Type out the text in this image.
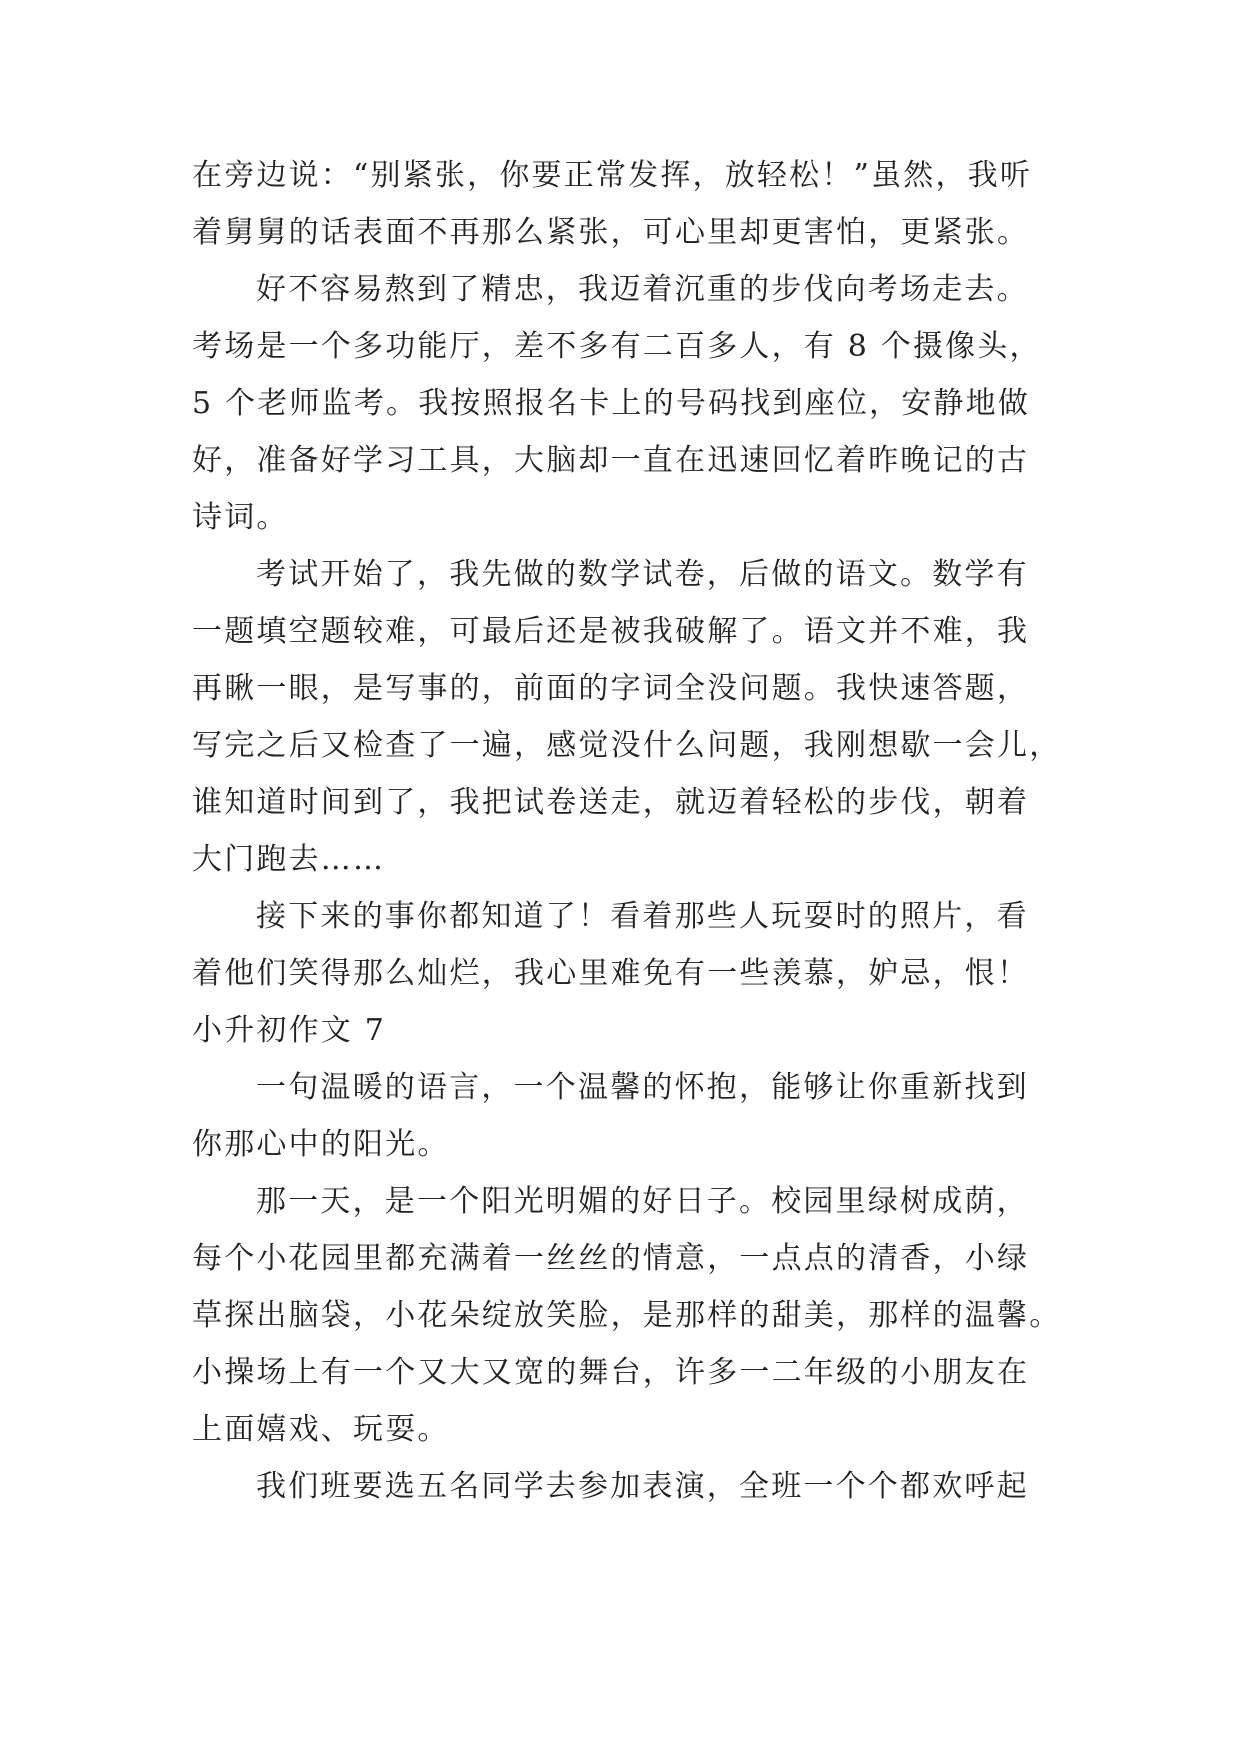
在旁边说：“别紧张，你要正常发挥，放轻松！”虽然，我听
着舅舅的话表面不再那么紧张，可心里却更害怕，更紧张。
好不容易熬到了精忠，我迈着沉重的步伐向考场走去。
考场是一个多功能厅，差不多有二百多人，有 8 个摄像头，
5 个老师监考。我按照报名卡上的号码找到座位，安静地做
好，准备好学习工具，大脑却一直在迅速回忆着昨晚记的古
诗词。
考试开始了，我先做的数学试卷，后做的语文。数学有
一题填空题较难，可最后还是被我破解了。语文并不难，我
再瞅一眼，是写事的，前面的字词全没问题。我快速答题，
写完之后又检查了一遍，感觉没什么问题，我刚想歇一会儿，
谁知道时间到了，我把试卷送走，就迈着轻松的步伐，朝着
大门跑去……
接下来的事你都知道了！看着那些人玩耍时的照片，看
着他们笑得那么灿烂，我心里难免有一些羡慕，妒忌，恨！
小升初作文 7
一句温暖的语言，一个温馨的怀抱，能够让你重新找到
你那心中的阳光。
那一天，是一个阳光明媚的好日子。校园里绿树成荫，
每个小花园里都充满着一丝丝的情意，一点点的清香，小绿
草探出脑袋，小花朵绽放笑脸，是那样的甜美，那样的温馨。
小操场上有一个又大又宽的舞台，许多一二年级的小朋友在
上面嬉戏、玩耍。
我们班要选五名同学去参加表演，全班一个个都欢呼起
